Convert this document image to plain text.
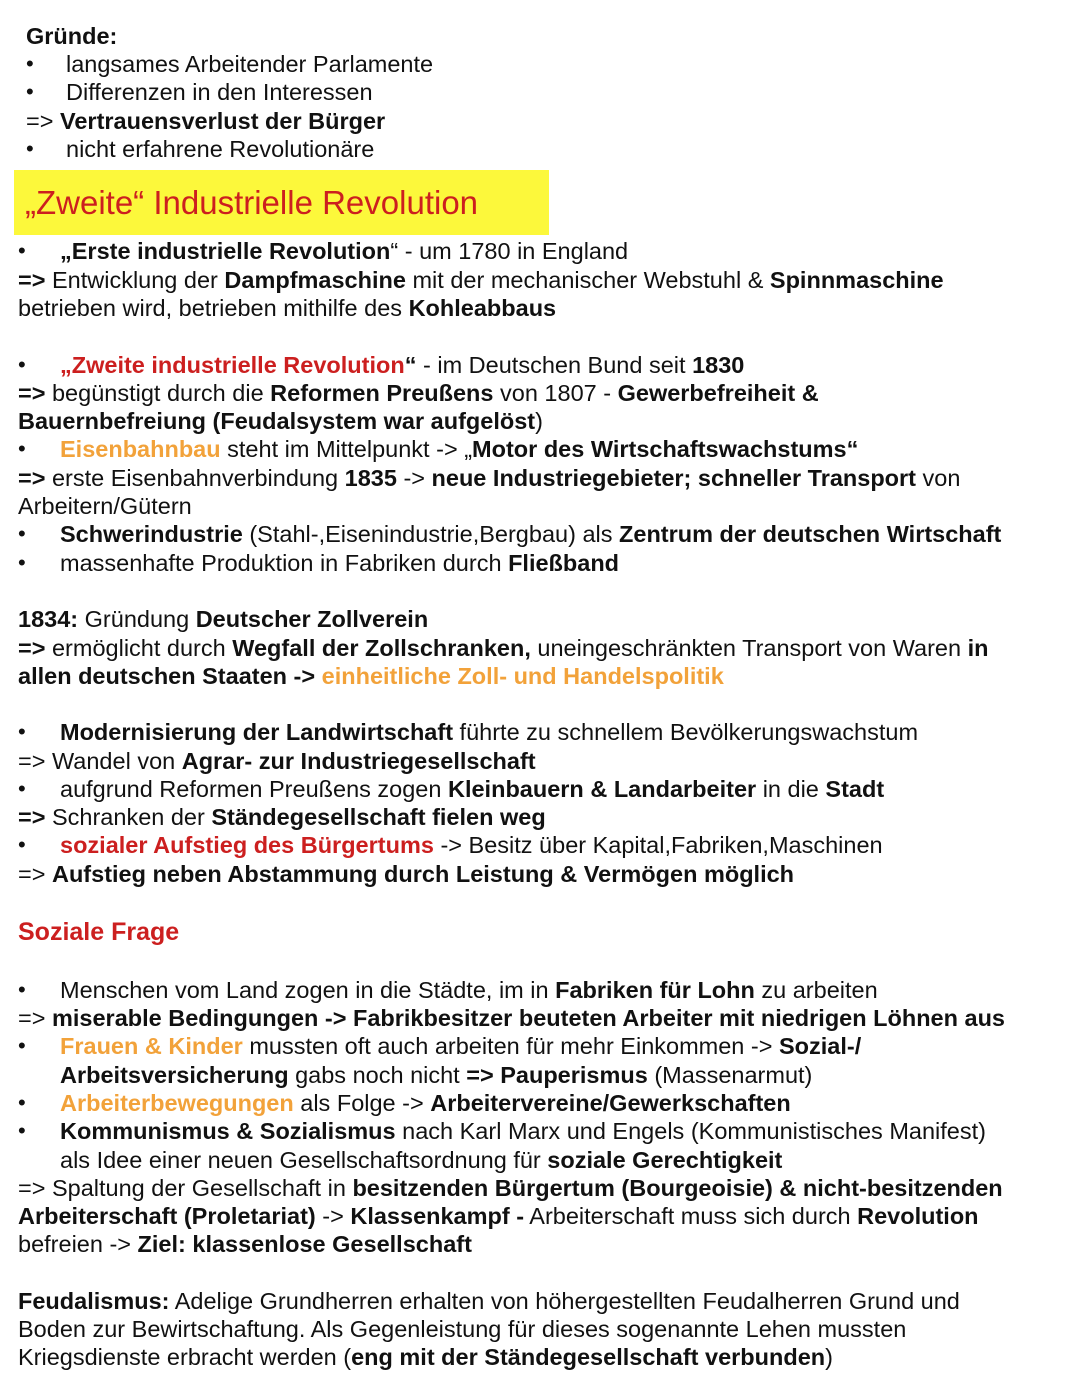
Gründe:
• langsames Arbeitender Parlamente
• Differenzen in den Interessen
=> Vertrauensverlust der Bürger
• nicht erfahrene Revolutionäre
„Zweite“ Industrielle Revolution
• „Erste industrielle Revolution“ - um 1780 in England
=> Entwicklung der Dampfmaschine mit der mechanischer Webstuhl & Spinnmaschine
betrieben wird, betrieben mithilfe des Kohleabbaus
• „Zweite industrielle Revolution“ - im Deutschen Bund seit 1830
=> begünstigt durch die Reformen Preußens von 1807 - Gewerbefreiheit &
Bauernbefreiung (Feudalsystem war aufgelöst)
• Eisenbahnbau steht im Mittelpunkt -> „Motor des Wirtschaftswachstums“
=> erste Eisenbahnverbindung 1835 -> neue Industriegebieter; schneller Transport von
Arbeitern/Gütern
• Schwerindustrie (Stahl-,Eisenindustrie,Bergbau) als Zentrum der deutschen Wirtschaft
• massenhafte Produktion in Fabriken durch Fließband
1834: Gründung Deutscher Zollverein
=> ermöglicht durch Wegfall der Zollschranken, uneingeschränkten Transport von Waren in
allen deutschen Staaten -> einheitliche Zoll- und Handelspolitik
• Modernisierung der Landwirtschaft führte zu schnellem Bevölkerungswachstum
=> Wandel von Agrar- zur Industriegesellschaft
• aufgrund Reformen Preußens zogen Kleinbauern & Landarbeiter in die Stadt
=> Schranken der Ständegesellschaft fielen weg
• sozialer Aufstieg des Bürgertums -> Besitz über Kapital,Fabriken,Maschinen
=> Aufstieg neben Abstammung durch Leistung & Vermögen möglich
Soziale Frage
• Menschen vom Land zogen in die Städte, im in Fabriken für Lohn zu arbeiten
=> miserable Bedingungen -> Fabrikbesitzer beuteten Arbeiter mit niedrigen Löhnen aus
• Frauen & Kinder mussten oft auch arbeiten für mehr Einkommen -> Sozial-/
Arbeitsversicherung gabs noch nicht => Pauperismus (Massenarmut)
• Arbeiterbewegungen als Folge -> Arbeitervereine/Gewerkschaften
• Kommunismus & Sozialismus nach Karl Marx und Engels (Kommunistisches Manifest)
als Idee einer neuen Gesellschaftsordnung für soziale Gerechtigkeit
=> Spaltung der Gesellschaft in besitzenden Bürgertum (Bourgeoisie) & nicht-besitzenden
Arbeiterschaft (Proletariat) -> Klassenkampf - Arbeiterschaft muss sich durch Revolution
befreien -> Ziel: klassenlose Gesellschaft
Feudalismus: Adelige Grundherren erhalten von höhergestellten Feudalherren Grund und
Boden zur Bewirtschaftung. Als Gegenleistung für dieses sogenannte Lehen mussten
Kriegsdienste erbracht werden (eng mit der Ständegesellschaft verbunden)
